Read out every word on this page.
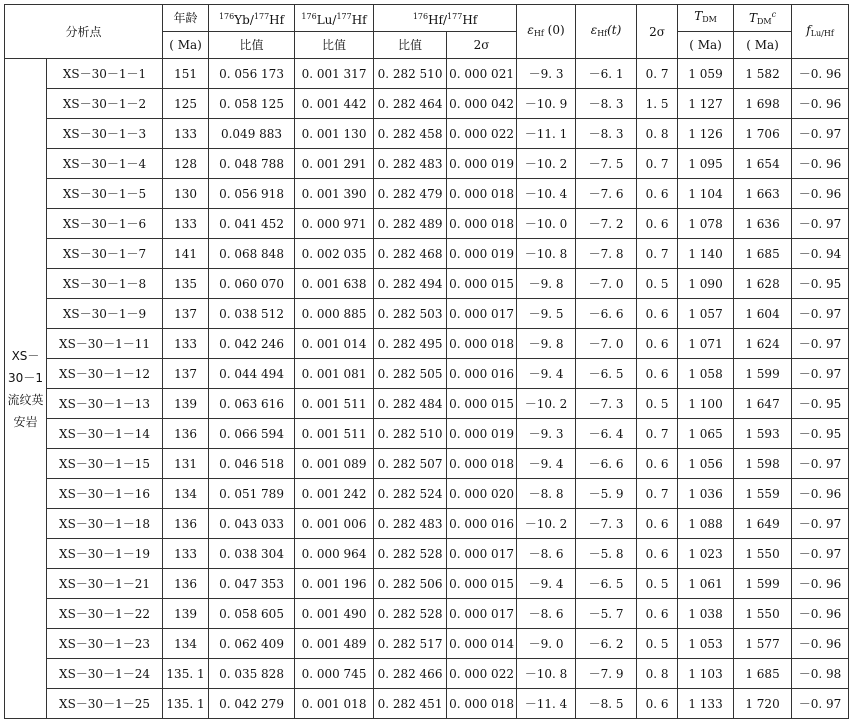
分析点		年龄	$^{176}$Yb/$^{177}$Hf	$^{176}$Lu/$^{177}$Hf	$^{176}$Hf/$^{177}$Hf		$\varepsilon_{Hf}$ (0)	$\varepsilon_{Hf}(t)$	2σ	$T_{DM}$	$T_{DM}^c$	$f_{Lu/Hf}$
		( Ma)	比值	比值	比值	2σ				( Ma)	( Ma)	
XS－30－1流纹英安岩	XS－30－1－1	151	0. 056 173	0. 001 317	0. 282 510	0. 000 021	－9. 3	－6. 1	0. 7	1 059	1 582	－0. 96
	XS－30－1－2	125	0. 058 125	0. 001 442	0. 282 464	0. 000 042	－10. 9	－8. 3	1. 5	1 127	1 698	－0. 96
	XS－30－1－3	133	0.049 883	0. 001 130	0. 282 458	0. 000 022	－11. 1	－8. 3	0. 8	1 126	1 706	－0. 97
	XS－30－1－4	128	0. 048 788	0. 001 291	0. 282 483	0. 000 019	－10. 2	－7. 5	0. 7	1 095	1 654	－0. 96
	XS－30－1－5	130	0. 056 918	0. 001 390	0. 282 479	0. 000 018	－10. 4	－7. 6	0. 6	1 104	1 663	－0. 96
	XS－30－1－6	133	0. 041 452	0. 000 971	0. 282 489	0. 000 018	－10. 0	－7. 2	0. 6	1 078	1 636	－0. 97
	XS－30－1－7	141	0. 068 848	0. 002 035	0. 282 468	0. 000 019	－10. 8	－7. 8	0. 7	1 140	1 685	－0. 94
	XS－30－1－8	135	0. 060 070	0. 001 638	0. 282 494	0. 000 015	－9. 8	－7. 0	0. 5	1 090	1 628	－0. 95
	XS－30－1－9	137	0. 038 512	0. 000 885	0. 282 503	0. 000 017	－9. 5	－6. 6	0. 6	1 057	1 604	－0. 97
	XS－30－1－11	133	0. 042 246	0. 001 014	0. 282 495	0. 000 018	－9. 8	－7. 0	0. 6	1 071	1 624	－0. 97
	XS－30－1－12	137	0. 044 494	0. 001 081	0. 282 505	0. 000 016	－9. 4	－6. 5	0. 6	1 058	1 599	－0. 97
	XS－30－1－13	139	0. 063 616	0. 001 511	0. 282 484	0. 000 015	－10. 2	－7. 3	0. 5	1 100	1 647	－0. 95
	XS－30－1－14	136	0. 066 594	0. 001 511	0. 282 510	0. 000 019	－9. 3	－6. 4	0. 7	1 065	1 593	－0. 95
	XS－30－1－15	131	0. 046 518	0. 001 089	0. 282 507	0. 000 018	－9. 4	－6. 6	0. 6	1 056	1 598	－0. 97
	XS－30－1－16	134	0. 051 789	0. 001 242	0. 282 524	0. 000 020	－8. 8	－5. 9	0. 7	1 036	1 559	－0. 96
	XS－30－1－18	136	0. 043 033	0. 001 006	0. 282 483	0. 000 016	－10. 2	－7. 3	0. 6	1 088	1 649	－0. 97
	XS－30－1－19	133	0. 038 304	0. 000 964	0. 282 528	0. 000 017	－8. 6	－5. 8	0. 6	1 023	1 550	－0. 97
	XS－30－1－21	136	0. 047 353	0. 001 196	0. 282 506	0. 000 015	－9. 4	－6. 5	0. 5	1 061	1 599	－0. 96
	XS－30－1－22	139	0. 058 605	0. 001 490	0. 282 528	0. 000 017	－8. 6	－5. 7	0. 6	1 038	1 550	－0. 96
	XS－30－1－23	134	0. 062 409	0. 001 489	0. 282 517	0. 000 014	－9. 0	－6. 2	0. 5	1 053	1 577	－0. 96
	XS－30－1－24	135. 1	0. 035 828	0. 000 745	0. 282 466	0. 000 022	－10. 8	－7. 9	0. 8	1 103	1 685	－0. 98
	XS－30－1－25	135. 1	0. 042 279	0. 001 018	0. 282 451	0. 000 018	－11. 4	－8. 5	0. 6	1 133	1 720	－0. 97
